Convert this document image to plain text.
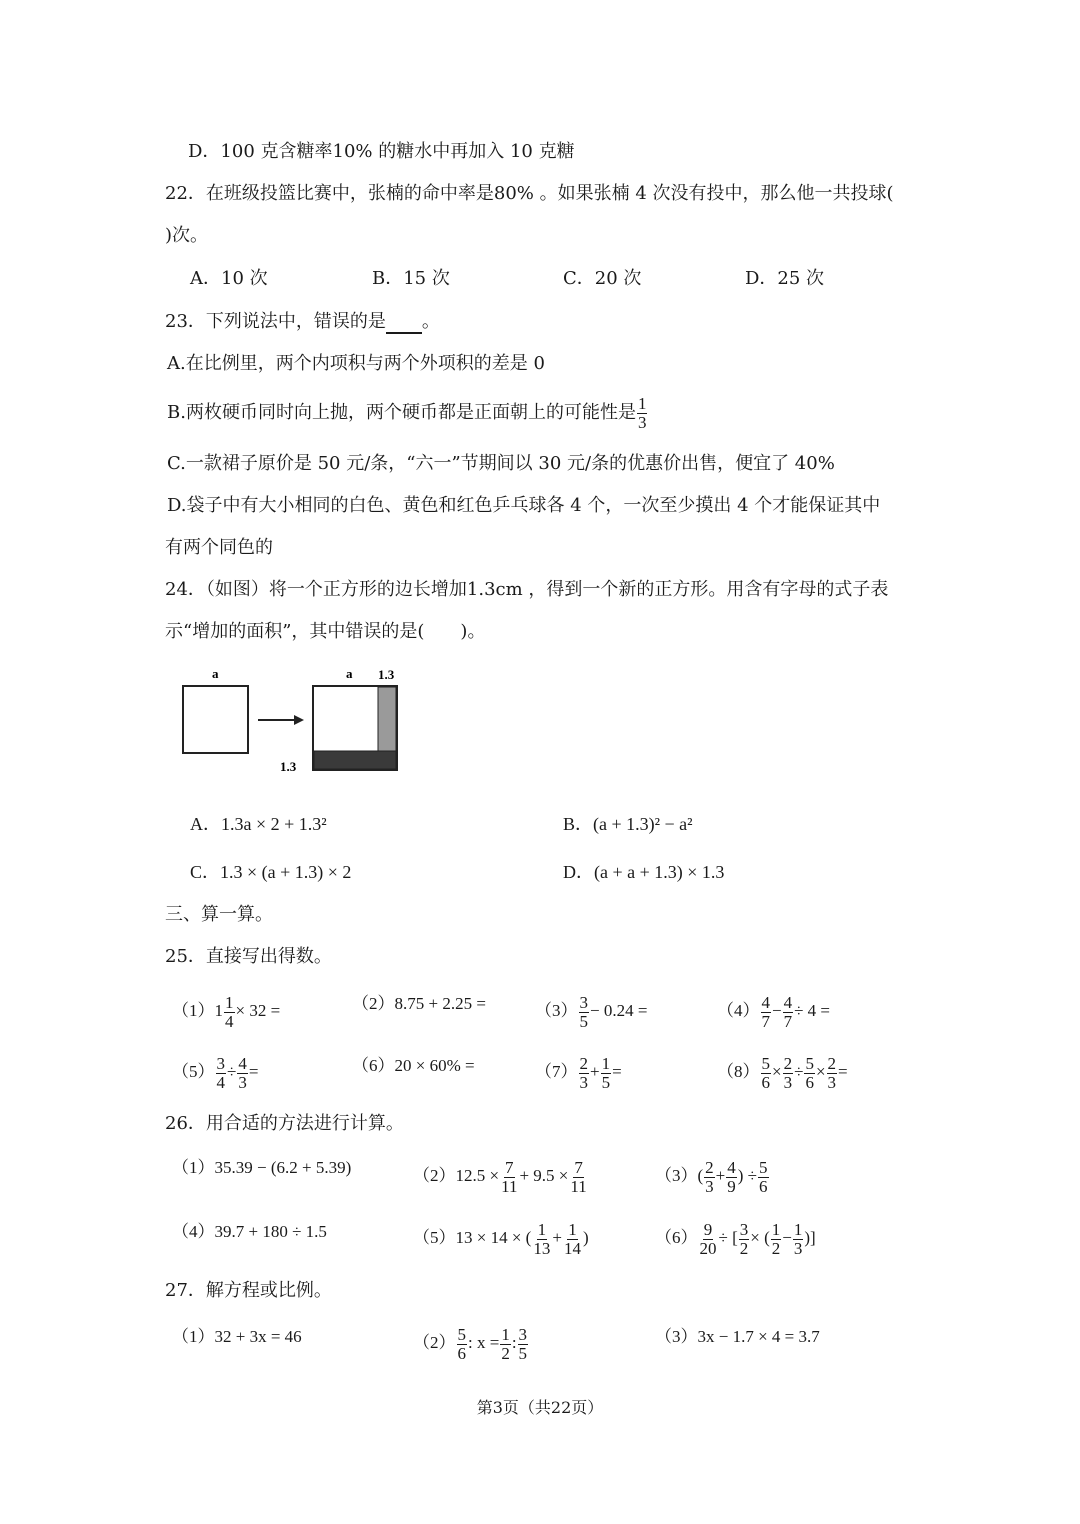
D．100 克含糖率10% 的糖水中再加入 10 克糖
22．在班级投篮比赛中，张楠的命中率是80% 。如果张楠 4 次没有投中，那么他一共投球(
)次。
A．10 次	B．15 次	C．20 次	D．25 次
23．下列说法中，错误的是 。
A.在比例里，两个内项积与两个外项积的差是 0
B.两枚硬币同时向上抛，两个硬币都是正面朝上的可能性是 $\frac{1}{3}$
C.一款裙子原价是 50 元/条，“六一”节期间以 30 元/条的优惠价出售，便宜了 40%
D.袋子中有大小相同的白色、黄色和红色乒乓球各 4 个，一次至少摸出 4 个才能保证其中
有两个同色的
24．（如图）将一个正方形的边长增加1.3cm ，得到一个新的正方形。用含有字母的式子表
示“增加的面积”，其中错误的是(　　)。
a	a 1.3
1.3
A．1.3a × 2 + 1.3²	B．(a + 1.3)² − a²
C．1.3 × (a + 1.3) × 2	D．(a + a + 1.3) × 1.3
三、算一算。
25．直接写出得数。
$(1)1 \frac{1}{4} \times 32$ =	（2）8.75 + 2.25 =	$(3) \frac{3}{5} - 0.24$ =	$(4) \frac{4}{7} - \frac{4}{7} \div 4$ =
$(5) \frac{3}{4} \div \frac{4}{3}$ =	（6）20 × 60% =	$(7) \frac{2}{3} + \frac{1}{5}$ =	$(8) \frac{5}{6} \times \frac{2}{3} \div \frac{5}{6} \times \frac{2}{3}$ =
26．用合适的方法进行计算。
（1）35.39 − (6.2 + 5.39)	$(2)12.5 \times \frac{7}{11} + 9.5 \times \frac{7}{11}$	$(3)( \frac{2}{3} + \frac{4}{9}$ ) ÷ $\frac{5}{6}$
（4）39.7 + 180 ÷ 1.5	（5）13 × 14 × ( $\frac{1}{13} + \frac{1}{14}$ )	$(6) \frac{9}{20}$ ÷ [ $\frac{3}{2}$ × ( $\frac{1}{2} - \frac{1}{3}$ )]
27．解方程或比例。
（1）32 + 3x = 46	$(2) \frac{5}{6}$ : $x = \frac{1}{2}$ : $\frac{3}{5}$	（3）3x − 1.7 × 4 = 3.7
第3页（共22页）
